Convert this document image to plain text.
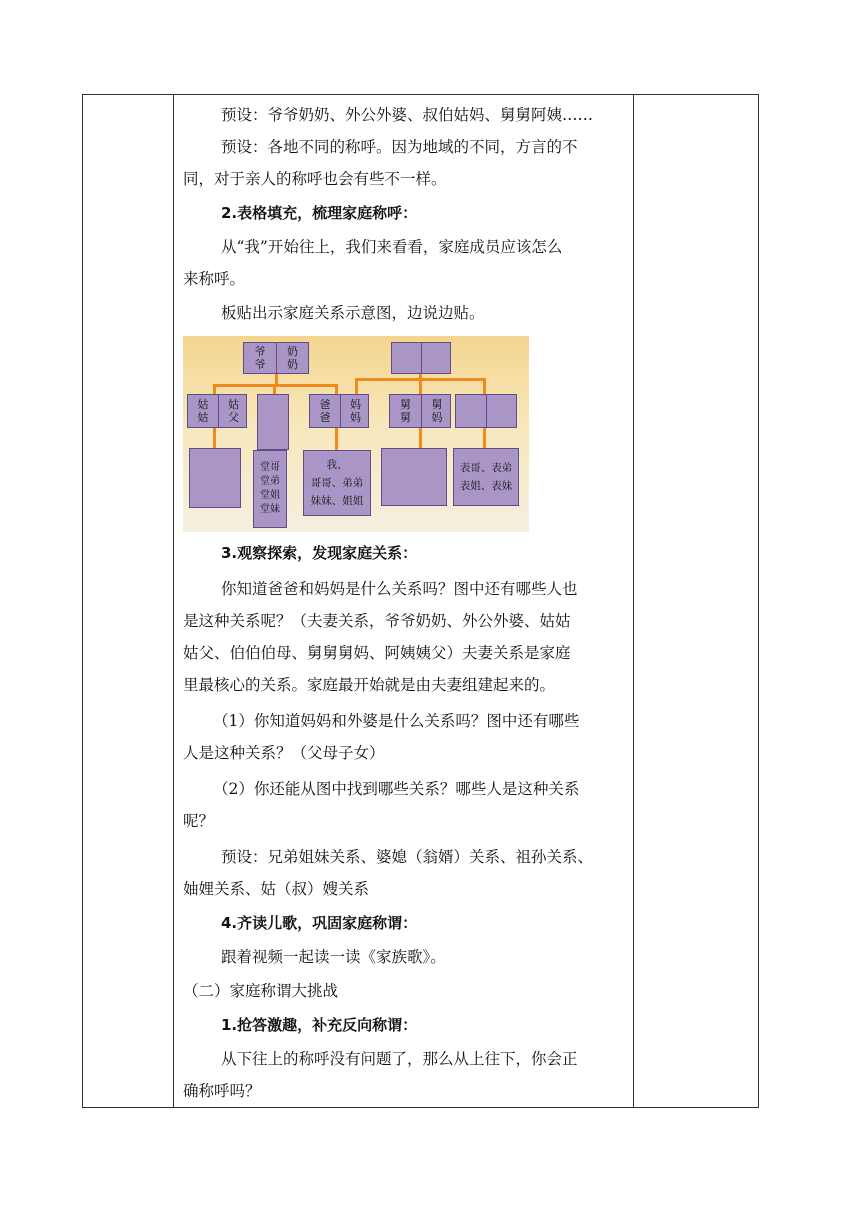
预设：爷爷奶奶、外公外婆、叔伯姑妈、舅舅阿姨……
预设：各地不同的称呼。因为地域的不同，方言的不
同，对于亲人的称呼也会有些不一样。
2.表格填充，梳理家庭称呼：
从“我”开始往上，我们来看看，家庭成员应该怎么
来称呼。
板贴出示家庭关系示意图，边说边贴。
3.观察探索，发现家庭关系：
你知道爸爸和妈妈是什么关系吗？图中还有哪些人也
是这种关系呢？（夫妻关系，爷爷奶奶、外公外婆、姑姑
姑父、伯伯伯母、舅舅舅妈、阿姨姨父）夫妻关系是家庭
里最核心的关系。家庭最开始就是由夫妻组建起来的。
（1）你知道妈妈和外婆是什么关系吗？图中还有哪些
人是这种关系？（父母子女）
（2）你还能从图中找到哪些关系？哪些人是这种关系
呢？
预设：兄弟姐妹关系、婆媳（翁婿）关系、祖孙关系、
妯娌关系、姑（叔）嫂关系
4.齐读儿歌，巩固家庭称谓：
跟着视频一起读一读《家族歌》。
（二）家庭称谓大挑战
1.抢答激趣，补充反向称谓：
从下往上的称呼没有问题了，那么从上往下，你会正
确称呼吗？
爷
爷
奶
奶
姑
姑
姑
父
爸
爸
妈
妈
舅
舅
舅
妈
堂哥
堂弟
堂姐
堂妹
我、
哥哥、弟弟
妹妹、姐姐
表哥、表弟
表姐、表妹
